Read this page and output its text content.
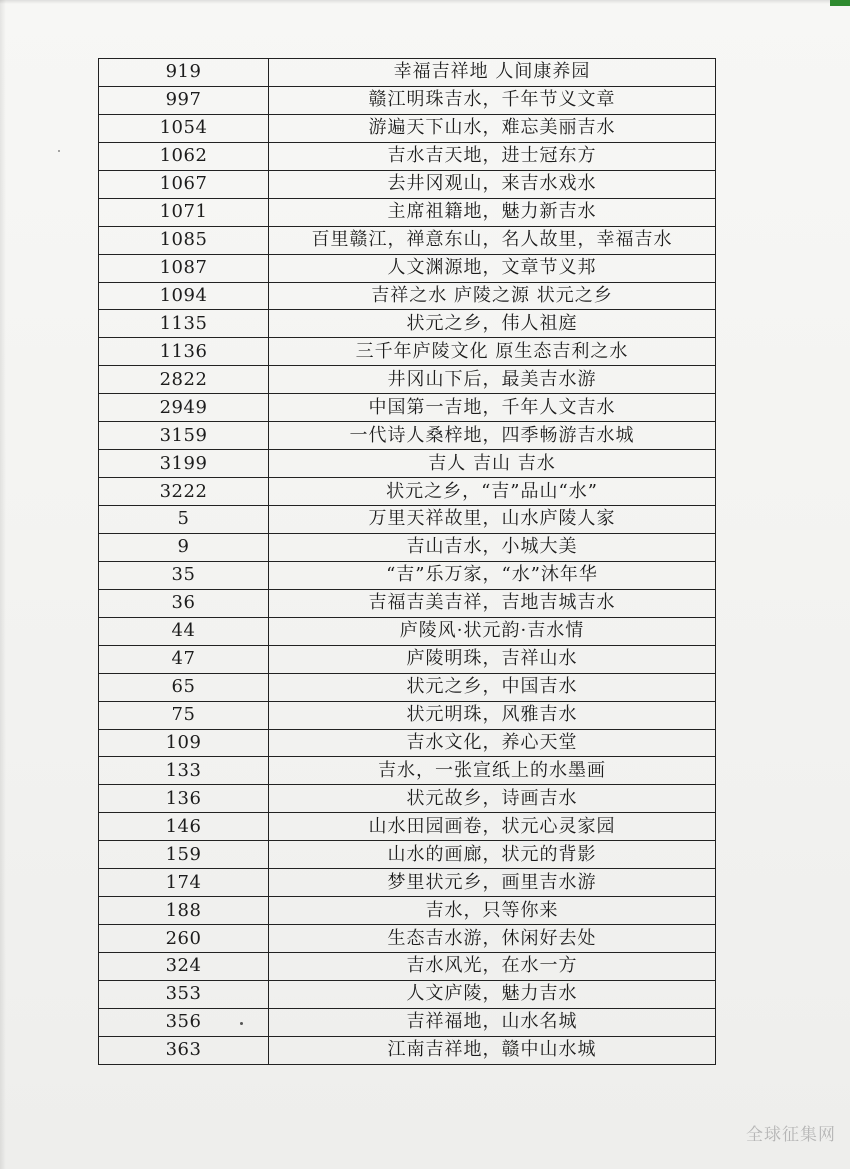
919	幸福吉祥地 人间康养园
997	赣江明珠吉水，千年节义文章
1054	游遍天下山水，难忘美丽吉水
1062	吉水吉天地，进士冠东方
1067	去井冈观山，来吉水戏水
1071	主席祖籍地，魅力新吉水
1085	百里赣江，禅意东山，名人故里，幸福吉水
1087	人文渊源地，文章节义邦
1094	吉祥之水 庐陵之源 状元之乡
1135	状元之乡，伟人祖庭
1136	三千年庐陵文化 原生态吉利之水
2822	井冈山下后，最美吉水游
2949	中国第一吉地，千年人文吉水
3159	一代诗人桑梓地，四季畅游吉水城
3199	吉人 吉山 吉水
3222	状元之乡，“吉”品山“水”
5	万里天祥故里，山水庐陵人家
9	吉山吉水，小城大美
35	“吉”乐万家，“水”沐年华
36	吉福吉美吉祥，吉地吉城吉水
44	庐陵风·状元韵·吉水情
47	庐陵明珠，吉祥山水
65	状元之乡，中国吉水
75	状元明珠，风雅吉水
109	吉水文化，养心天堂
133	吉水，一张宣纸上的水墨画
136	状元故乡，诗画吉水
146	山水田园画卷，状元心灵家园
159	山水的画廊，状元的背影
174	梦里状元乡，画里吉水游
188	吉水，只等你来
260	生态吉水游，休闲好去处
324	吉水风光，在水一方
353	人文庐陵，魅力吉水
356	吉祥福地，山水名城
363	江南吉祥地，赣中山水城
全球征集网
